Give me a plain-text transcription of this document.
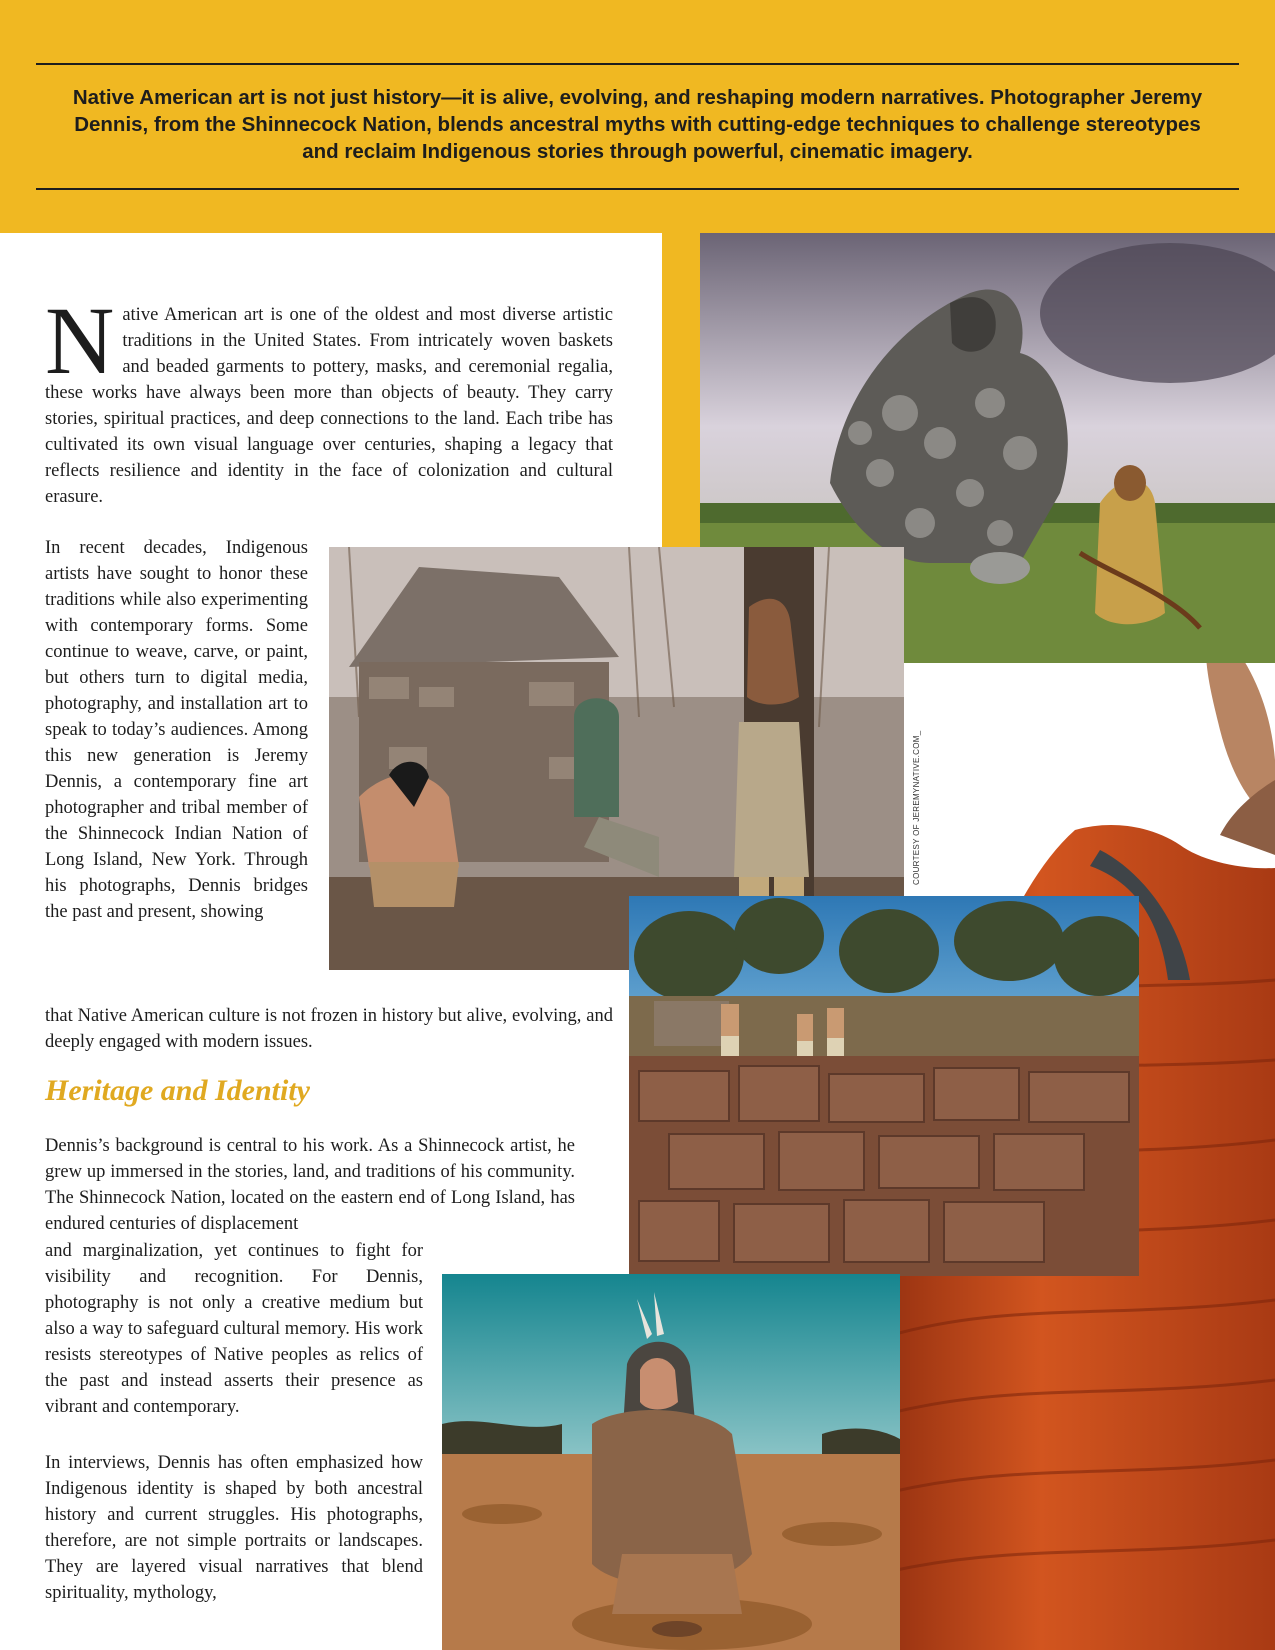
Native American art is not just history—it is alive, evolving, and reshaping modern narratives. Photographer Jeremy Dennis, from the Shinnecock Nation, blends ancestral myths with cutting-edge techniques to challenge stereotypes and reclaim Indigenous stories through powerful, cinematic imagery.
COURTESY OF JEREMYNATIVE.COM_
Native American art is one of the oldest and most diverse artistic traditions in the United States. From intricately woven baskets and beaded garments to pottery, masks, and ceremonial regalia, these works have always been more than objects of beauty. They carry stories, spiritual practices, and deep connections to the land. Each tribe has cultivated its own visual language over centuries, shaping a legacy that reflects resilience and identity in the face of colonization and cultural erasure.
In recent decades, Indigenous artists have sought to honor these traditions while also experimenting with contemporary forms. Some continue to weave, carve, or paint, but others turn to digital media, photography, and installation art to speak to today’s audiences. Among this new generation is Jeremy Dennis, a contemporary fine art photographer and tribal member of the Shinnecock Indian Nation of Long Island, New York. Through his photographs, Dennis bridges the past and present, showing
that Native American culture is not frozen in history but alive, evolving, and deeply engaged with modern issues.
Heritage and Identity
Dennis’s background is central to his work. As a Shinnecock artist, he grew up immersed in the stories, land, and traditions of his community. The Shinnecock Nation, located on the eastern end of Long Island, has endured centuries of displacement
and marginalization, yet continues to fight for visibility and recognition. For Dennis, photography is not only a creative medium but also a way to safeguard cultural memory. His work resists stereotypes of Native peoples as relics of the past and instead asserts their presence as vibrant and contemporary.
In interviews, Dennis has often emphasized how Indigenous identity is shaped by both ancestral history and current struggles. His photographs, therefore, are not simple portraits or landscapes. They are layered visual narratives that blend spirituality, mythology,
